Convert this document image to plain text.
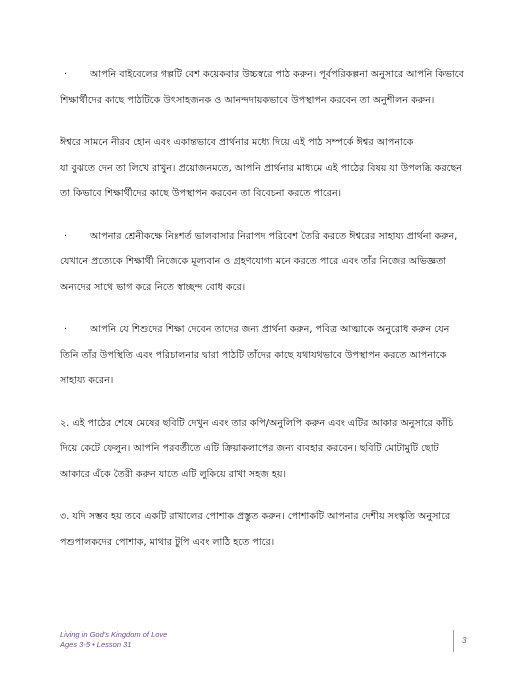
· আপনি বাইবেলের গল্পটি বেশ কয়েকবার উচ্চস্বরে পাঠ করুন। পূর্বপরিকল্পনা অনুসারে আপনি কিভাবে
শিক্ষার্থীদের কাছে পাঠটিকে উৎসাহজনক ও আনন্দদায়কভাবে উপস্থাপন করবেন তা অনুশীলন করুন।

ঈশ্বরে সামনে নীরব হোন এবং একান্তভাবে প্রার্থনার মধ্যে দিয়ে এই পাঠ সম্পর্কে ঈশ্বর আপনাকে
যা বুঝতে দেন তা লিখে রাখুন। প্রয়োজনমতে, আপনি প্রার্থনার মাধ্যমে এই পাঠের বিষয় যা উপলব্ধি করছেন
তা কিভাবে শিক্ষার্থীদের কাছে উপস্থাপন করবেন তা বিবেচনা করতে পারেন।

· আপনার শ্রেনীকক্ষে নিঃশর্ত ভালবাসার নিরাপদ পরিবেশ তৈরি করতে ঈশ্বরের সাহায্য প্রার্থনা করুন,
যেখানে প্রত্যেকে শিক্ষার্থী নিজেকে মূল্যবান ও গ্রহণযোগ্য মনে করতে পারে এবং তাঁর নিজের অভিজ্ঞতা
অন্যদের সাথে ভাগ করে নিতে স্বাচ্ছন্দ বোধ করে।

· আপনি যে শিশুদের শিক্ষা দেবেন তাদের জন্য প্রার্থনা করুন, পবিত্র আত্মাকে অনুরোধ করুন যেন
তিনি তাঁর উপস্থিতি এবং পরিচালনার দ্বারা পাঠটি তাঁদের কাছে যথাযথভাবে উপস্থাপন করতে আপনাকে
সাহায্য করেন।

২. এই পাঠের শেষে মেষের ছবিটি দেখুন এবং তার কপি/অনুলিপি করুন এবং এটির আকার অনুসারে কাঁচি
দিয়ে কেটে ফেলুন। আপনি পরবর্তীতে এটি ক্রিয়াকলাপের জন্য ব্যবহার করবেন। ছবিটি মোটামুটি ছোট
আকারে এঁকে তৈরী করুন যাতে এটি লুকিয়ে রাখা সহজ হয়।

৩. যদি সম্ভব হয় তবে একটি রাখালের পোশাক প্রস্তুত করুন। পোশাকটি আপনার দেশীয় সংস্কৃতি অনুসারে
পশুপালকদের পোশাক, মাথার টুপি এবং লাঠি হতে পারে।

Living in God's Kingdom of Love
Ages 3-5 • Lesson 31	3
